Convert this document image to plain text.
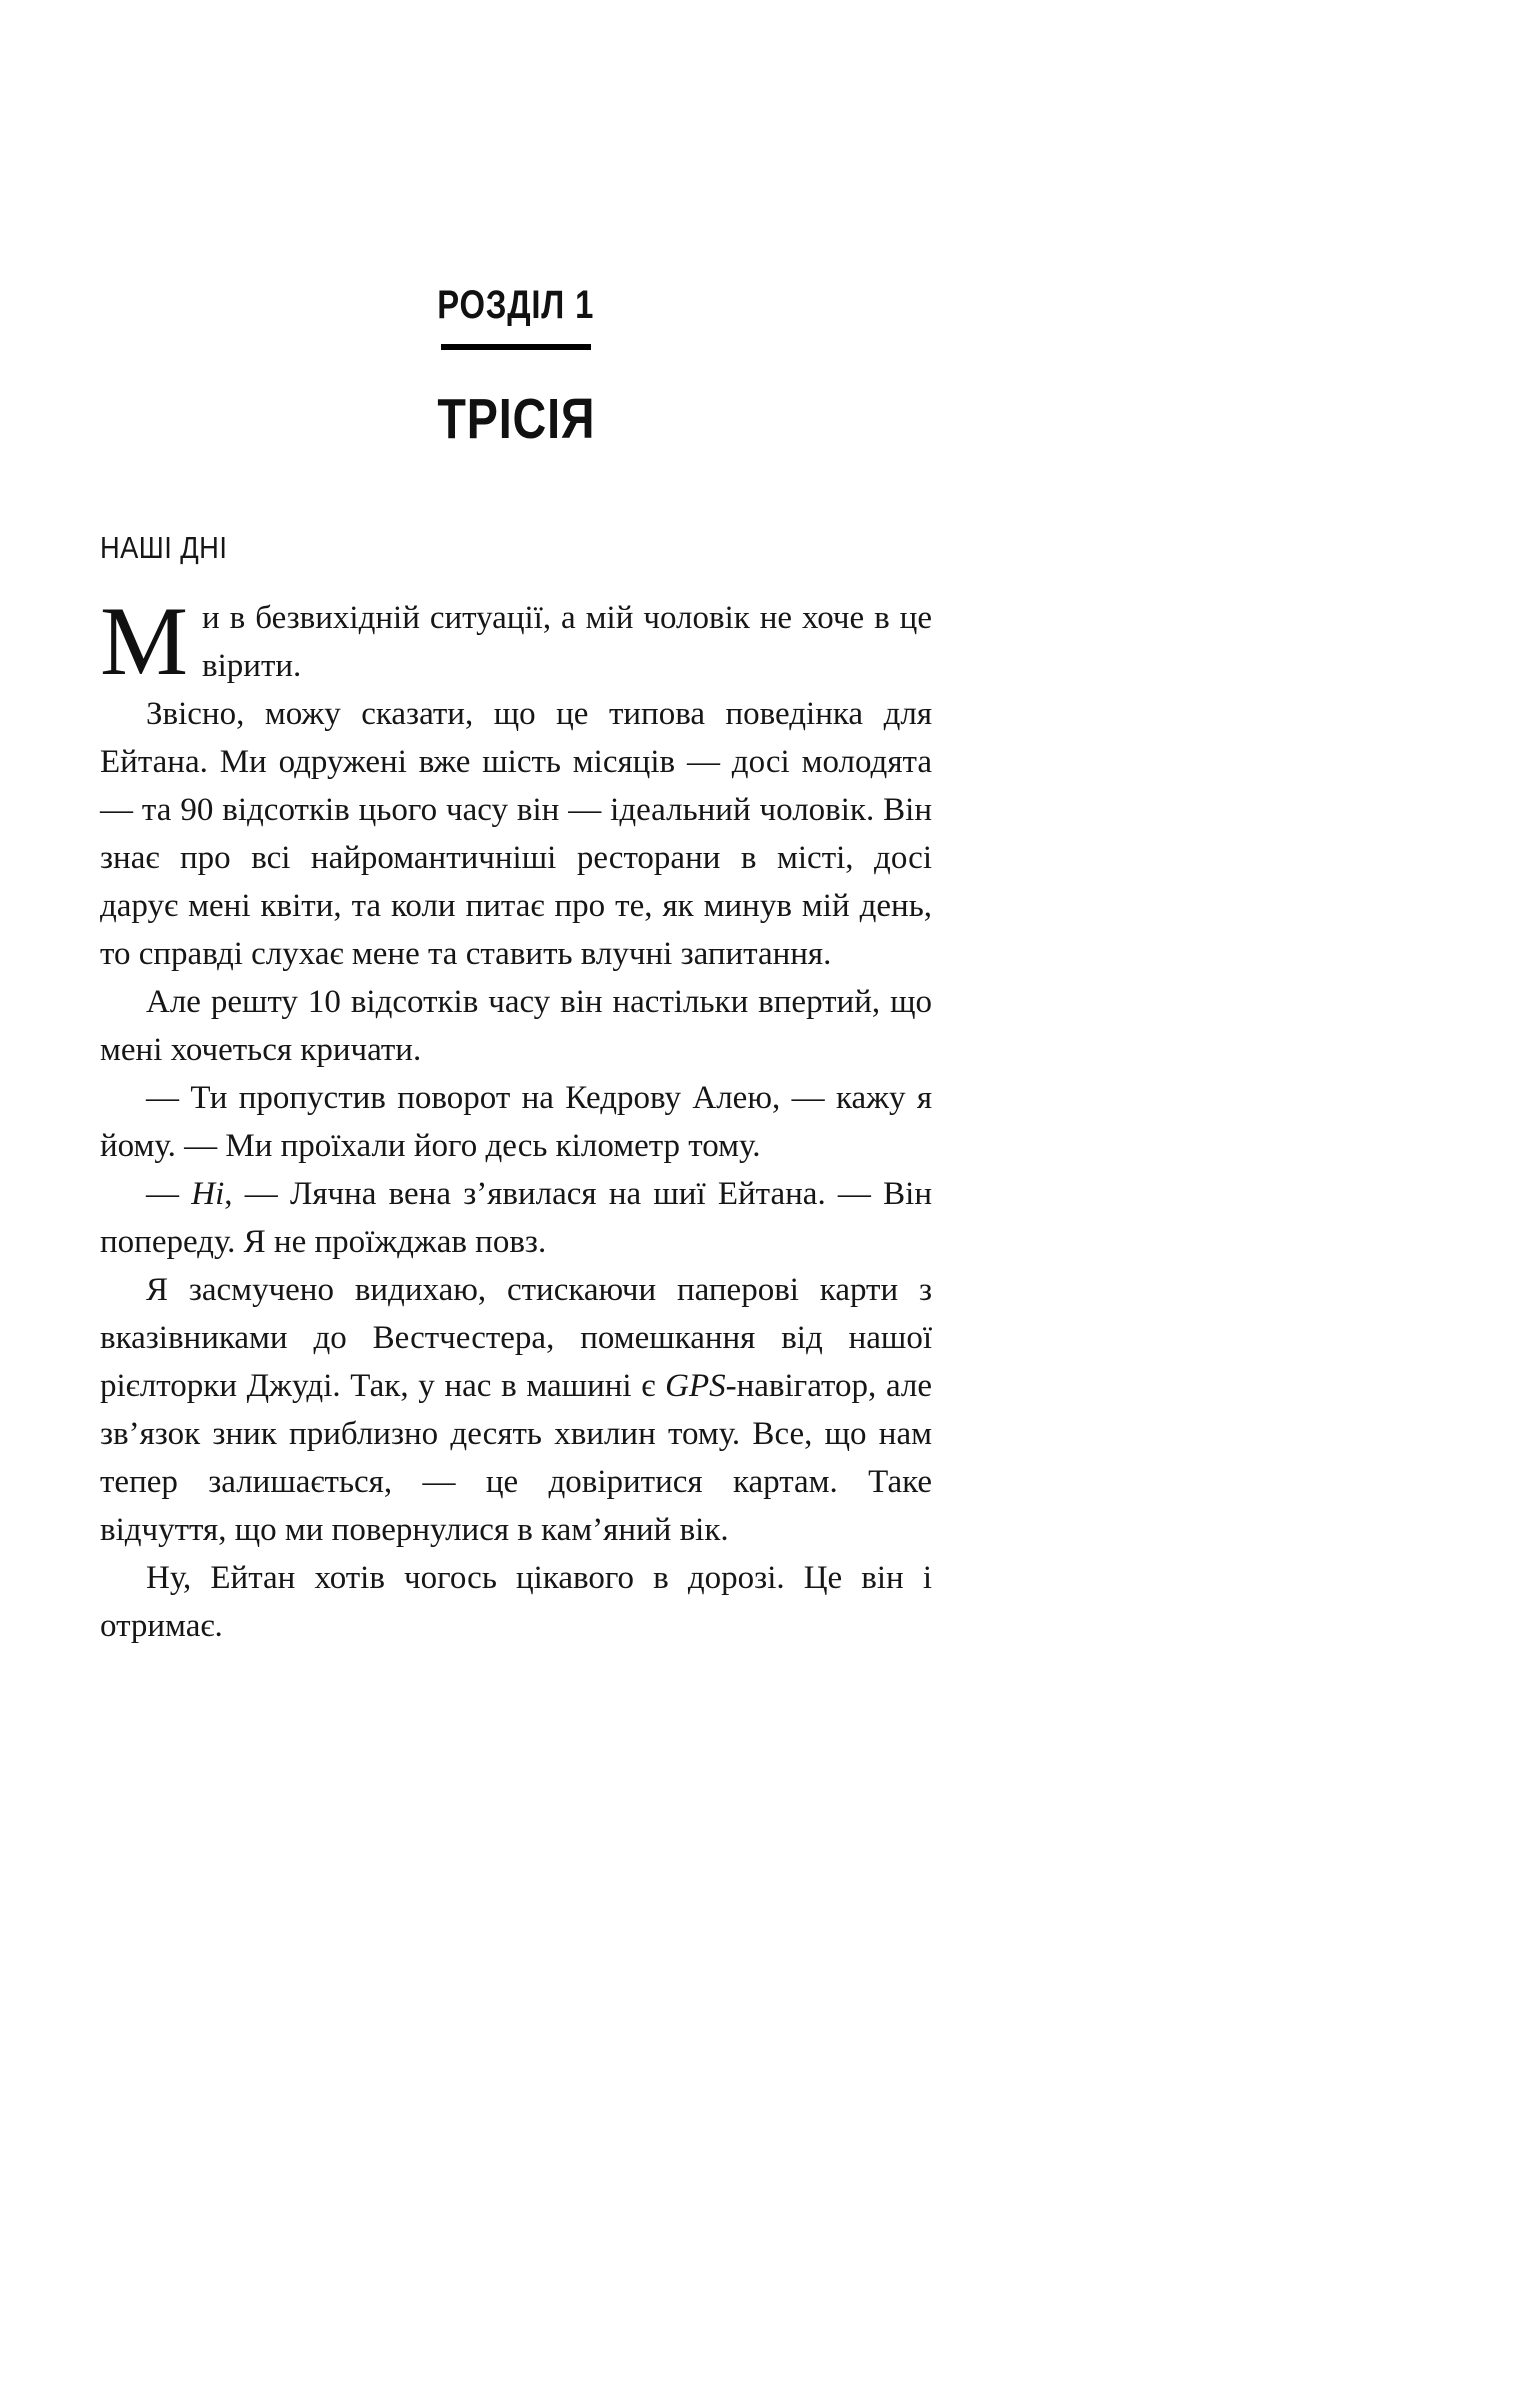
РОЗДІЛ 1
ТРІСІЯ
НАШІ ДНІ

Ми в безвихідній ситуації, а мій чоловік не хоче в це вірити.

Звісно, можу сказати, що це типова поведінка для Ейтана. Ми одружені вже шість місяців — досі молодята — та 90 відсотків цього часу він — ідеальний чоловік. Він знає про всі найромантичніші ресторани в місті, досі дарує мені квіти, та коли питає про те, як минув мій день, то справді слухає мене та ставить влучні запитання.

Але решту 10 відсотків часу він настільки впертий, що мені хочеться кричати.

— Ти пропустив поворот на Кедрову Алею, — кажу я йому. — Ми проїхали його десь кілометр тому.

— Ні, — Лячна вена з’явилася на шиї Ейтана. — Він попереду. Я не проїжджав повз.

Я засмучено видихаю, стискаючи паперові карти з вказівниками до Вестчестера, помешкання від нашої рієлторки Джуді. Так, у нас в машині є GPS-навігатор, але зв’язок зник приблизно десять хвилин тому. Все, що нам тепер залишається, — це довіритися картам. Таке відчуття, що ми повернулися в кам’яний вік.

Ну, Ейтан хотів чогось цікавого в дорозі. Це він і отримає.
